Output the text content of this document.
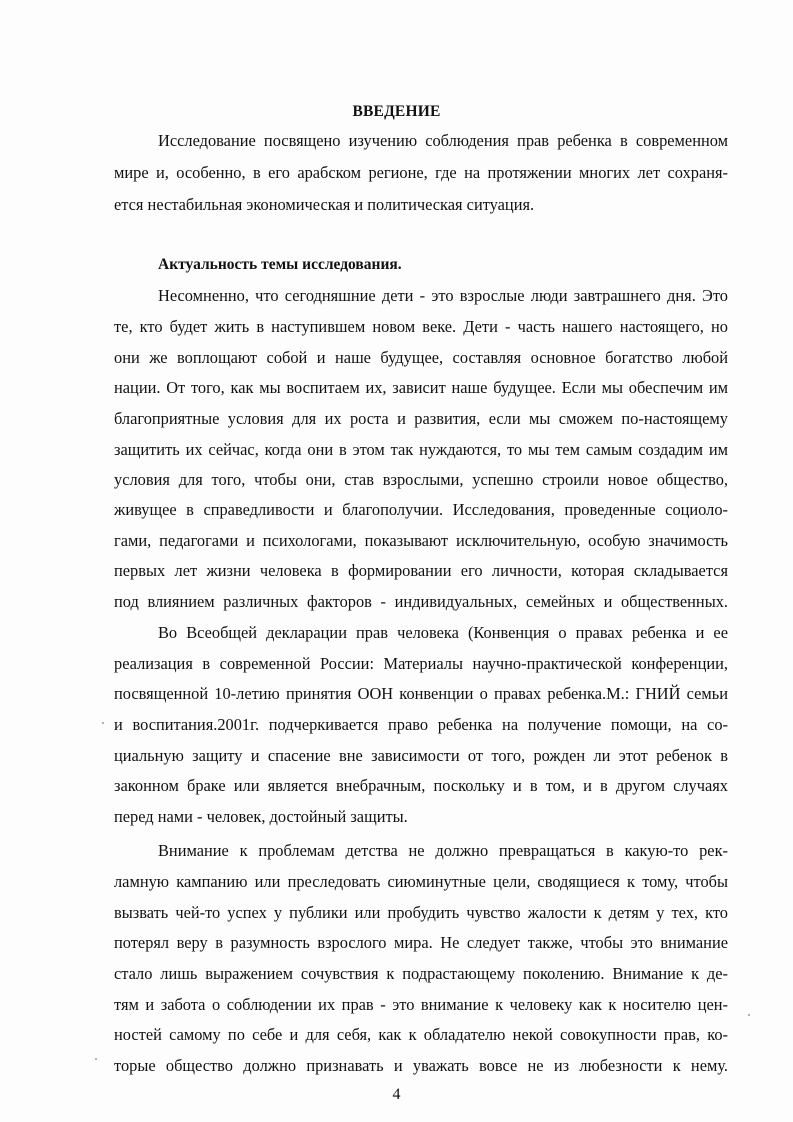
ВВЕДЕНИЕ
Исследование посвящено изучению соблюдения прав ребенка в современном
мире и, особенно, в его арабском регионе, где на протяжении многих лет сохраня-
ется нестабильная экономическая и политическая ситуация.
Актуальность темы исследования.
Несомненно, что сегодняшние дети - это взрослые люди завтрашнего дня. Это
те, кто будет жить в наступившем новом веке. Дети - часть нашего настоящего, но
они же воплощают собой и наше будущее, составляя основное богатство любой
нации. От того, как мы воспитаем их, зависит наше будущее. Если мы обеспечим им
благоприятные условия для их роста и развития, если мы сможем по-настоящему
защитить их сейчас, когда они в этом так нуждаются, то мы тем самым создадим им
условия для того, чтобы они, став взрослыми, успешно строили новое общество,
живущее в справедливости и благополучии. Исследования, проведенные социоло-
гами, педагогами и психологами, показывают исключительную, особую значимость
первых лет жизни человека в формировании его личности, которая складывается
под влиянием различных факторов - индивидуальных, семейных и общественных.
Во Всеобщей декларации прав человека (Конвенция о правах ребенка и ее
реализация в современной России: Материалы научно-практической конференции,
посвященной 10-летию принятия ООН конвенции о правах ребенка.М.: ГНИЙ семьи
и воспитания.2001г. подчеркивается право ребенка на получение помощи, на со-
циальную защиту и спасение вне зависимости от того, рожден ли этот ребенок в
законном браке или является внебрачным, поскольку и в том, и в другом случаях
перед нами - человек, достойный защиты.
Внимание к проблемам детства не должно превращаться в какую-то рек-
ламную кампанию или преследовать сиюминутные цели, сводящиеся к тому, чтобы
вызвать чей-то успех у публики или пробудить чувство жалости к детям у тех, кто
потерял веру в разумность взрослого мира. Не следует также, чтобы это внимание
стало лишь выражением сочувствия к подрастающему поколению. Внимание к де-
тям и забота о соблюдении их прав - это внимание к человеку как к носителю цен-
ностей самому по себе и для себя, как к обладателю некой совокупности прав, ко-
торые общество должно признавать и уважать вовсе не из любезности к нему.
4
